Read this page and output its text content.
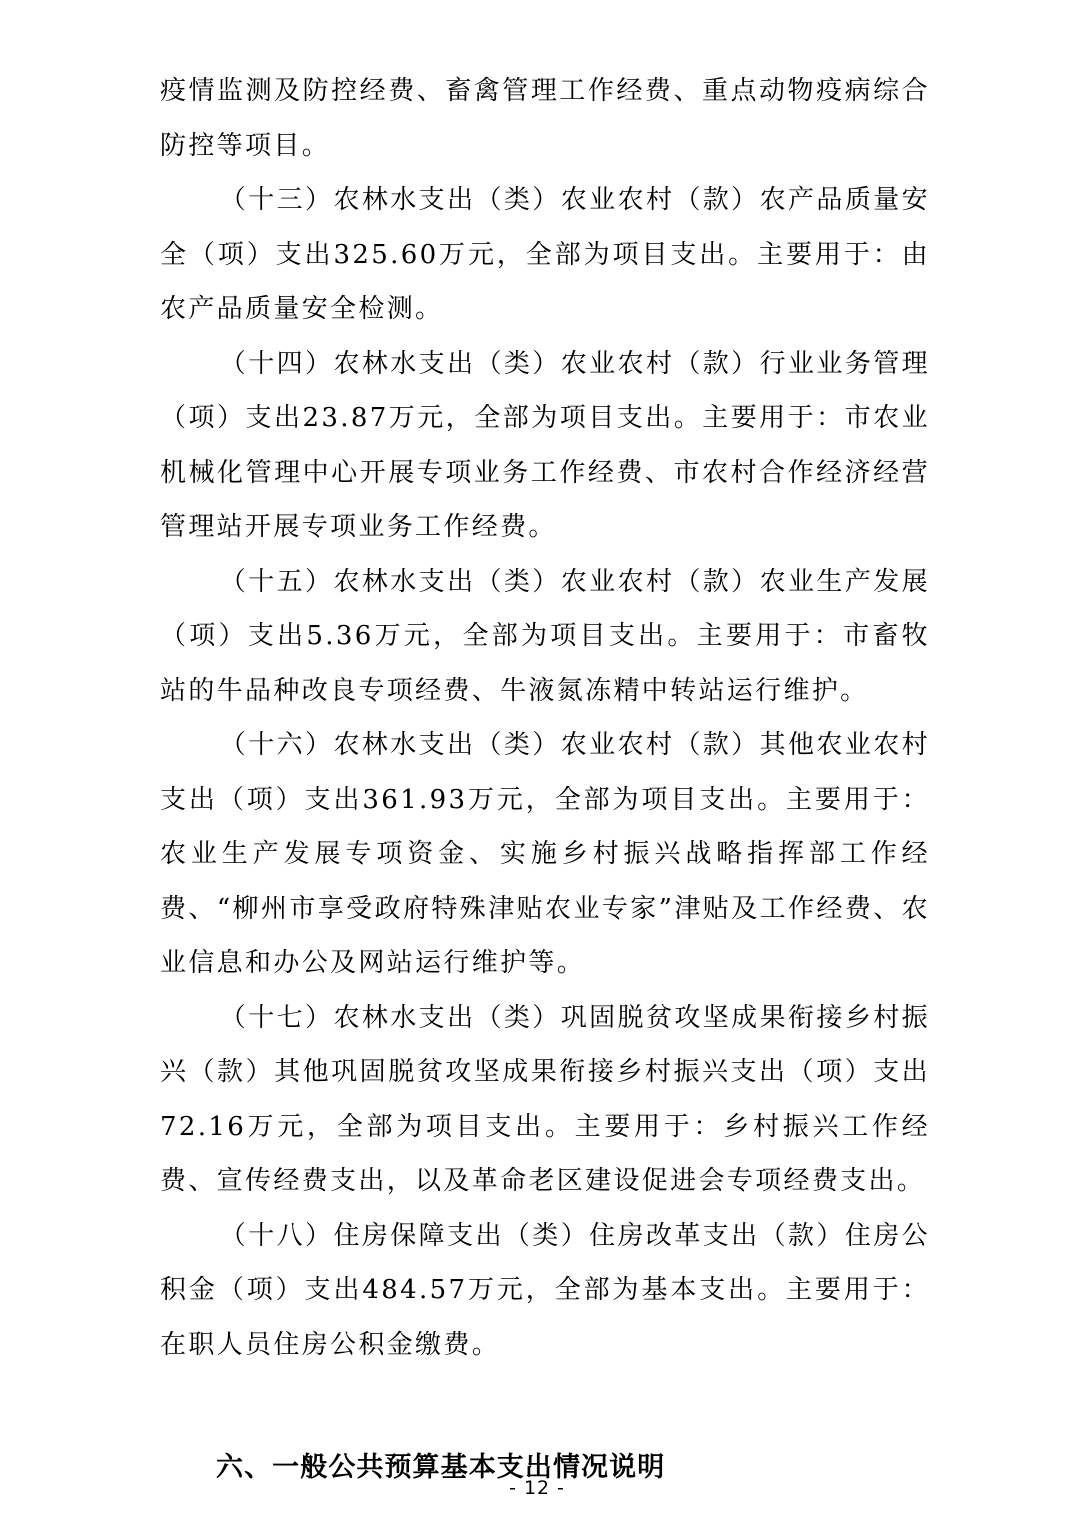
疫情监测及防控经费、畜禽管理工作经费、重点动物疫病综合防控等项目。

（十三）农林水支出（类）农业农村（款）农产品质量安全（项）支出325.60万元，全部为项目支出。主要用于：由农产品质量安全检测。

（十四）农林水支出（类）农业农村（款）行业业务管理（项）支出23.87万元，全部为项目支出。主要用于：市农业机械化管理中心开展专项业务工作经费、市农村合作经济经营管理站开展专项业务工作经费。

（十五）农林水支出（类）农业农村（款）农业生产发展（项）支出5.36万元，全部为项目支出。主要用于：市畜牧站的牛品种改良专项经费、牛液氮冻精中转站运行维护。

（十六）农林水支出（类）农业农村（款）其他农业农村支出（项）支出361.93万元，全部为项目支出。主要用于：农业生产发展专项资金、实施乡村振兴战略指挥部工作经费、“柳州市享受政府特殊津贴农业专家”津贴及工作经费、农业信息和办公及网站运行维护等。

（十七）农林水支出（类）巩固脱贫攻坚成果衔接乡村振兴（款）其他巩固脱贫攻坚成果衔接乡村振兴支出（项）支出72.16万元，全部为项目支出。主要用于：乡村振兴工作经费、宣传经费支出，以及革命老区建设促进会专项经费支出。

（十八）住房保障支出（类）住房改革支出（款）住房公积金（项）支出484.57万元，全部为基本支出。主要用于：在职人员住房公积金缴费。

六、一般公共预算基本支出情况说明
- 12 -
